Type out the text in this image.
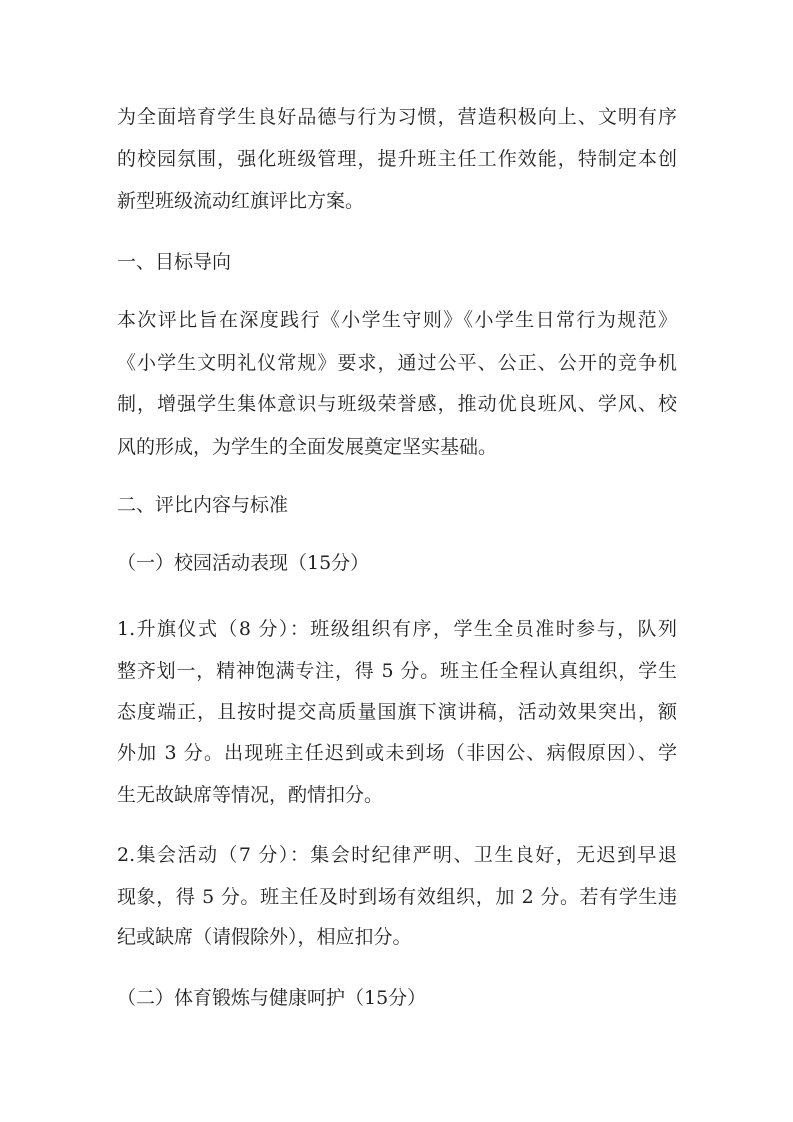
为全面培育学生良好品德与行为习惯，营造积极向上、文明有序
的校园氛围，强化班级管理，提升班主任工作效能，特制定本创
新型班级流动红旗评比方案。
一、目标导向
本次评比旨在深度践行《小学生守则》《小学生日常行为规范》
《小学生文明礼仪常规》要求，通过公平、公正、公开的竞争机
制，增强学生集体意识与班级荣誉感，推动优良班风、学风、校
风的形成，为学生的全面发展奠定坚实基础。
二、评比内容与标准
（一）校园活动表现（15分）
1.升旗仪式（8 分）：班级组织有序，学生全员准时参与，队列
整齐划一，精神饱满专注，得 5 分。班主任全程认真组织，学生
态度端正，且按时提交高质量国旗下演讲稿，活动效果突出，额
外加 3 分。出现班主任迟到或未到场（非因公、病假原因）、学
生无故缺席等情况，酌情扣分。
2.集会活动（7 分）：集会时纪律严明、卫生良好，无迟到早退
现象，得 5 分。班主任及时到场有效组织，加 2 分。若有学生违
纪或缺席（请假除外），相应扣分。
（二）体育锻炼与健康呵护（15分）
